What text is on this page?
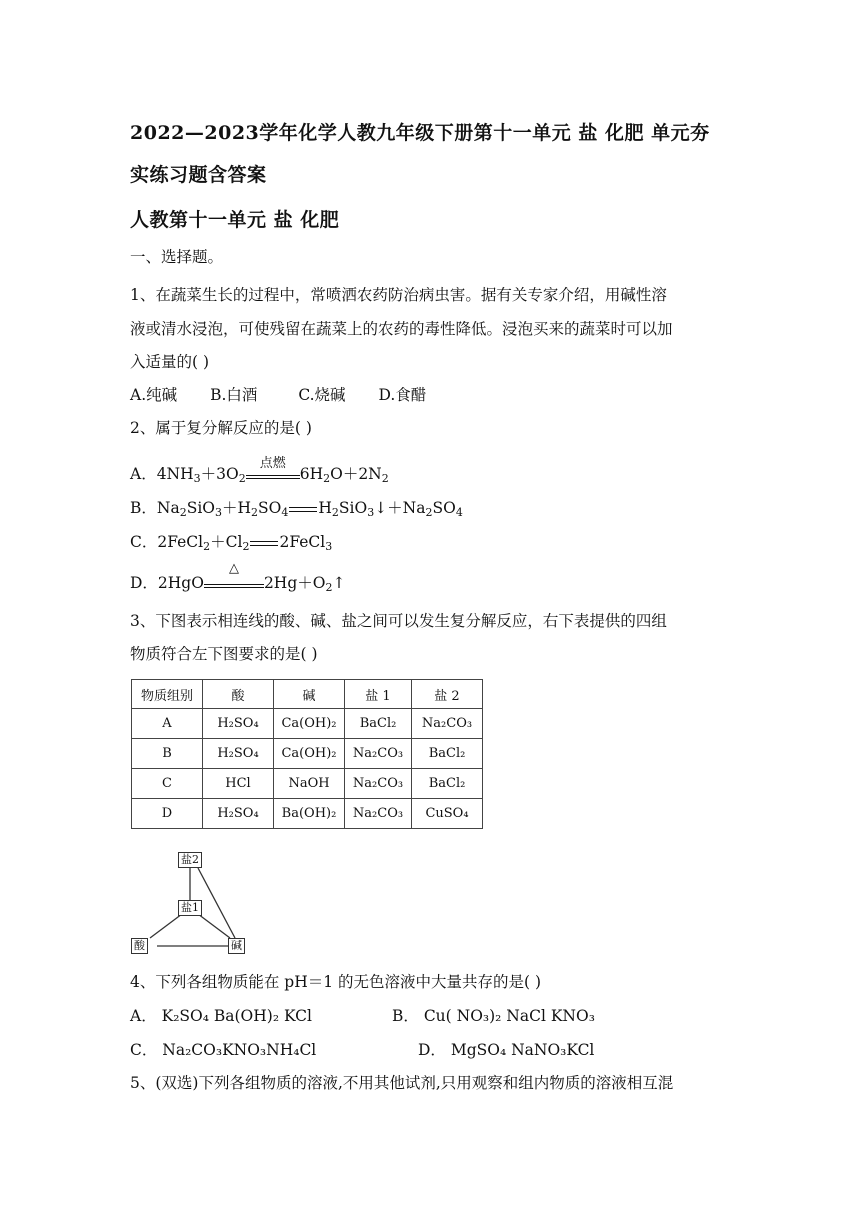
2022—2023学年化学人教九年级下册第十一单元 盐 化肥 单元夯
实练习题含答案
人教第十一单元 盐 化肥
一、选择题。
1、在蔬菜生长的过程中，常喷洒农药防治病虫害。据有关专家介绍，用碱性溶
液或清水浸泡，可使残留在蔬菜上的农药的毒性降低。浸泡买来的蔬菜时可以加
入适量的( )
A.纯碱 B.白酒	C.烧碱 D.食醋
2、属于复分解反应的是( )
A．$4NH_3+3O_2$
点燃
$6H_2O+2N_2$
B．$Na_2SiO_3+H_2SO_4$ $H_2SiO_3↓+Na_2SO_4$
C．$2FeCl_2+Cl_2$ 2FeCl$_3$
D．2HgO
△
$2Hg+O_2↑$
3、下图表示相连线的酸、碱、盐之间可以发生复分解反应，右下表提供的四组
物质符合左下图要求的是( )
物质组别	酸	碱	盐 1	盐 2
A	H₂SO₄	Ca(OH)₂	BaCl₂	Na₂CO₃
B	H₂SO₄	Ca(OH)₂	Na₂CO₃	BaCl₂
C	HCl	NaOH	Na₂CO₃	BaCl₂
D	H₂SO₄	Ba(OH)₂	Na₂CO₃	CuSO₄
盐2
盐1
酸	碱
4、下列各组物质能在 pH＝1 的无色溶液中大量共存的是( )
A． K₂SO₄ Ba(OH)₂ KCl	B． Cu( NO₃)₂ NaCl KNO₃
C． Na₂CO₃KNO₃NH₄Cl	D． MgSO₄ NaNO₃KCl
5、(双选)下列各组物质的溶液,不用其他试剂,只用观察和组内物质的溶液相互混
